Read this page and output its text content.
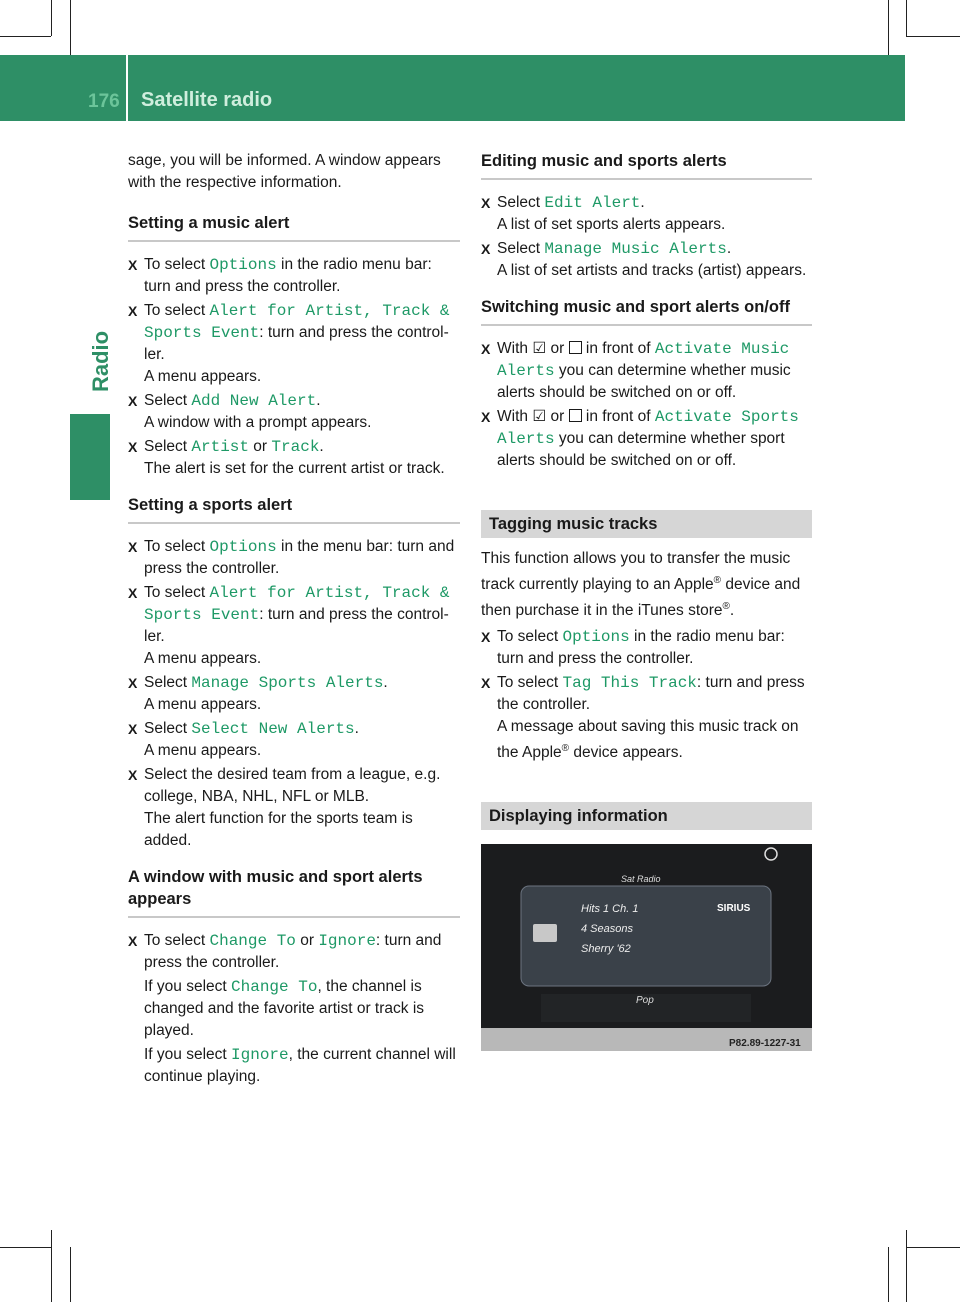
176 Satellite radio
Radio

sage, you will be informed. A window appears with the respective information.

Setting a music alert
X To select Options in the radio menu bar: turn and press the controller.
X To select Alert for Artist, Track & Sports Event: turn and press the control-ler.
A menu appears.
X Select Add New Alert.
A window with a prompt appears.
X Select Artist or Track.
The alert is set for the current artist or track.
Setting a sports alert
X To select Options in the menu bar: turn and press the controller.
X To select Alert for Artist, Track & Sports Event: turn and press the control-ler.
A menu appears.
X Select Manage Sports Alerts.
A menu appears.
X Select Select New Alerts.
A menu appears.
X Select the desired team from a league, e.g. college, NBA, NHL, NFL or MLB.
The alert function for the sports team is added.
A window with music and sport alerts appears
X To select Change To or Ignore: turn and press the controller.

If you select Change To, the channel is changed and the favorite artist or track is played.

If you select Ignore, the current channel will continue playing.

Editing music and sports alerts
X Select Edit Alert.
A list of set sports alerts appears.
X Select Manage Music Alerts.
A list of set artists and tracks (artist) appears.
Switching music and sport alerts on/off
X With ☑ or  in front of Activate Music Alerts you can determine whether music alerts should be switched on or off.
X With ☑ or  in front of Activate Sports Alerts you can determine whether sport alerts should be switched on or off.
Tagging music tracks

This function allows you to transfer the music track currently playing to an Apple® device and then purchase it in the iTunes store®.

X To select Options in the radio menu bar: turn and press the controller.
X To select Tag This Track: turn and press the controller.
A message about saving this music track on the Apple® device appears.
Displaying information
Sat Radio
Hits 1 Ch. 1	SIRIUS
4 Seasons
Sherry '62
Pop
P82.89-1227-31
